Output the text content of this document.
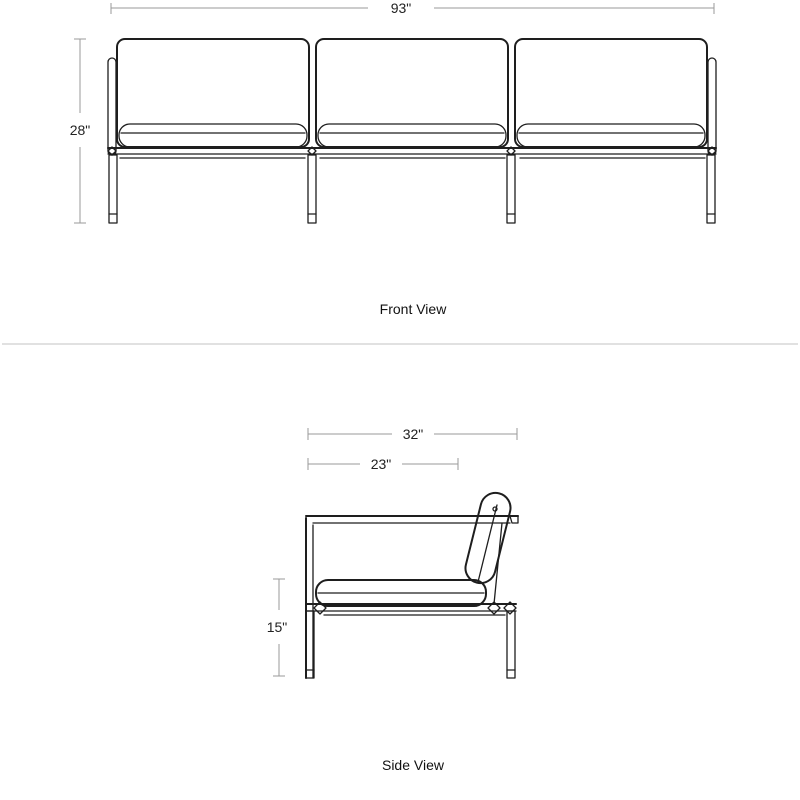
93"
28"
Front View
32"
23"
15"
Side View
